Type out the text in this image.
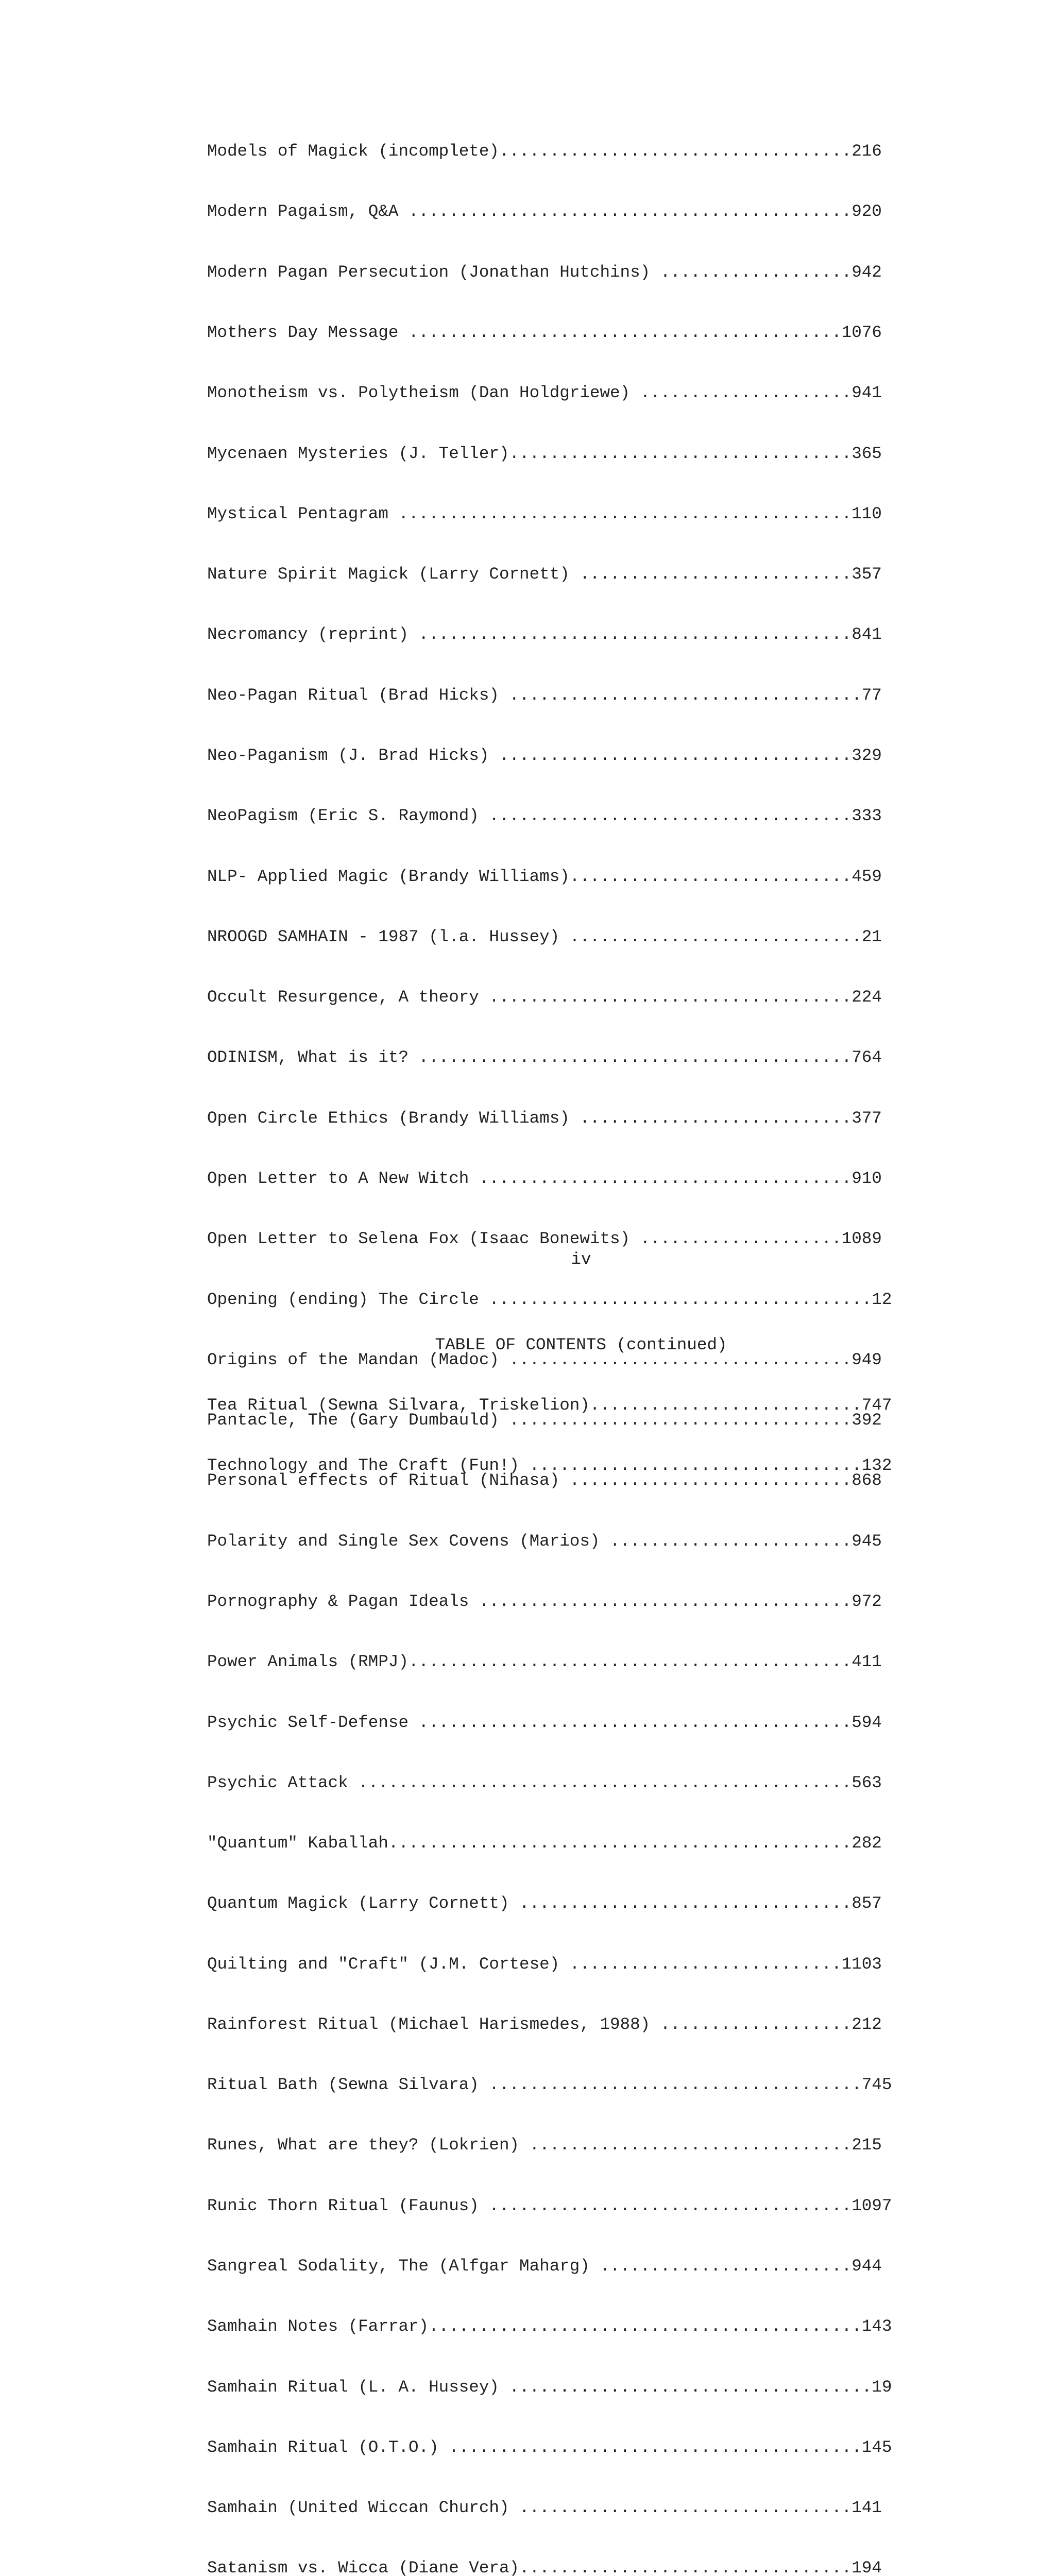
Models of Magick (incomplete)...................................216

Modern Pagaism, Q&A ............................................920

Modern Pagan Persecution (Jonathan Hutchins) ...................942

Mothers Day Message ...........................................1076

Monotheism vs. Polytheism (Dan Holdgriewe) .....................941

Mycenaen Mysteries (J. Teller)..................................365

Mystical Pentagram .............................................110

Nature Spirit Magick (Larry Cornett) ...........................357

Necromancy (reprint) ...........................................841

Neo-Pagan Ritual (Brad Hicks) ...................................77

Neo-Paganism (J. Brad Hicks) ...................................329

NeoPagism (Eric S. Raymond) ....................................333

NLP- Applied Magic (Brandy Williams)............................459

NROOGD SAMHAIN - 1987 (l.a. Hussey) .............................21

Occult Resurgence, A theory ....................................224

ODINISM, What is it? ...........................................764

Open Circle Ethics (Brandy Williams) ...........................377

Open Letter to A New Witch .....................................910

Open Letter to Selena Fox (Isaac Bonewits) ....................1089

Opening (ending) The Circle ......................................12

Origins of the Mandan (Madoc) ..................................949

Pantacle, The (Gary Dumbauld) ..................................392

Personal effects of Ritual (Nihasa) ............................868

Polarity and Single Sex Covens (Marios) ........................945

Pornography & Pagan Ideals .....................................972

Power Animals (RMPJ)............................................411

Psychic Self-Defense ...........................................594

Psychic Attack .................................................563

"Quantum" Kaballah..............................................282

Quantum Magick (Larry Cornett) .................................857

Quilting and "Craft" (J.M. Cortese) ...........................1103

Rainforest Ritual (Michael Harismedes, 1988) ...................212

Ritual Bath (Sewna Silvara) .....................................745

Runes, What are they? (Lokrien) ................................215

Runic Thorn Ritual (Faunus) ....................................1097

Sangreal Sodality, The (Alfgar Maharg) .........................944

Samhain Notes (Farrar)...........................................143

Samhain Ritual (L. A. Hussey) ....................................19

Samhain Ritual (O.T.O.) .........................................145

Samhain (United Wiccan Church) .................................141

Satanism vs. Wicca (Diane Vera).................................194

iv
TABLE OF CONTENTS (continued)

Tea Ritual (Sewna Silvara, Triskelion)...........................747

Technology and The Craft (Fun!) .................................132
